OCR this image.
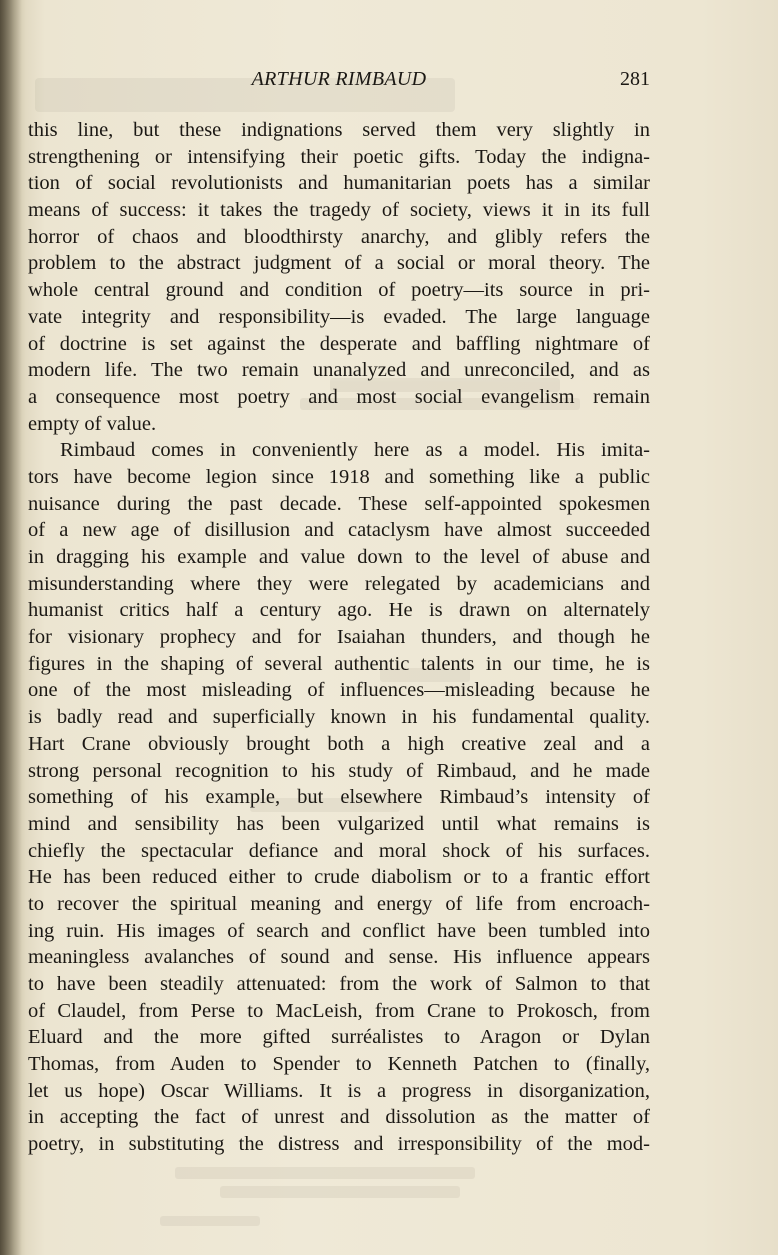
ARTHUR RIMBAUD	281
this line, but these indignations served them very slightly in
strengthening or intensifying their poetic gifts. Today the indigna-
tion of social revolutionists and humanitarian poets has a similar
means of success: it takes the tragedy of society, views it in its full
horror of chaos and bloodthirsty anarchy, and glibly refers the
problem to the abstract judgment of a social or moral theory. The
whole central ground and condition of poetry—its source in pri-
vate integrity and responsibility—is evaded. The large language
of doctrine is set against the desperate and baffling nightmare of
modern life. The two remain unanalyzed and unreconciled, and as
a consequence most poetry and most social evangelism remain
empty of value.
Rimbaud comes in conveniently here as a model. His imita-
tors have become legion since 1918 and something like a public
nuisance during the past decade. These self-appointed spokesmen
of a new age of disillusion and cataclysm have almost succeeded
in dragging his example and value down to the level of abuse and
misunderstanding where they were relegated by academicians and
humanist critics half a century ago. He is drawn on alternately
for visionary prophecy and for Isaiahan thunders, and though he
figures in the shaping of several authentic talents in our time, he is
one of the most misleading of influences—misleading because he
is badly read and superficially known in his fundamental quality.
Hart Crane obviously brought both a high creative zeal and a
strong personal recognition to his study of Rimbaud, and he made
something of his example, but elsewhere Rimbaud’s intensity of
mind and sensibility has been vulgarized until what remains is
chiefly the spectacular defiance and moral shock of his surfaces.
He has been reduced either to crude diabolism or to a frantic effort
to recover the spiritual meaning and energy of life from encroach-
ing ruin. His images of search and conflict have been tumbled into
meaningless avalanches of sound and sense. His influence appears
to have been steadily attenuated: from the work of Salmon to that
of Claudel, from Perse to MacLeish, from Crane to Prokosch, from
Eluard and the more gifted surréalistes to Aragon or Dylan
Thomas, from Auden to Spender to Kenneth Patchen to (finally,
let us hope) Oscar Williams. It is a progress in disorganization,
in accepting the fact of unrest and dissolution as the matter of
poetry, in substituting the distress and irresponsibility of the mod-
